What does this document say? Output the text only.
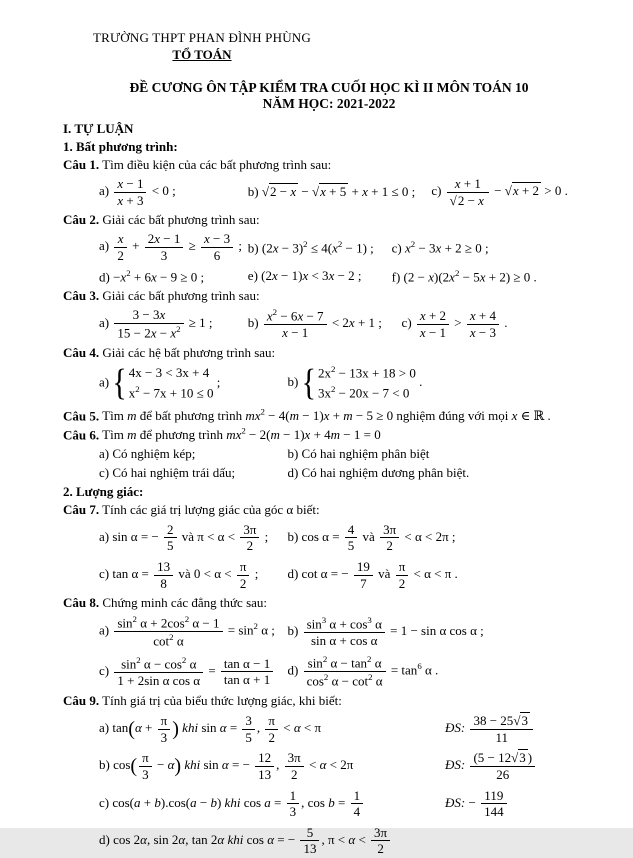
TRƯỜNG THPT PHAN ĐÌNH PHÙNG
TỔ TOÁN
ĐỀ CƯƠNG ÔN TẬP KIỂM TRA CUỐI HỌC KÌ II MÔN TOÁN 10
NĂM HỌC: 2021-2022
I. TỰ LUẬN
1. Bất phương trình:

Câu 1. Tìm điều kiện của các bất phương trình sau:

$a) \frac{x - 1}{x + 3} < 0$ ;	b) √2 − x − √x + 5 + x + 1 ≤ 0 ;	$c) \frac{x + 1}{√2 - x} - √x + 2 > 0$ .

Câu 2. Giải các bất phương trình sau:

$a) \frac{x}{2} + \frac{2x - 1}{3} \ge \frac{x - 3}{6}$ ; b) $(2x - 3)^2 \le 4(x^2 - 1)$ ;	c) $x^2 - 3x + 2 \ge 0$ ;
$d) -x^2 + 6x - 9 \ge 0$ ;	e) (2x − 1)x < 3x − 2 ;	f) $(2 - x)(2x^2 - 5x + 2) \ge 0$ .

Câu 3. Giải các bất phương trình sau:

$a) \frac{3 - 3x}{15 - 2x - x^2} \ge 1$ ;	$b) \frac{x^2 - 6x - 7}{x - 1} < 2x + 1$ ;	$c) \frac{x + 2}{x - 1} > \frac{x + 4}{x - 3}$ .

Câu 4. Giải các hệ bất phương trình sau:

a) { 4x − 3 < 3x + 4
$x^2 - 7x + 10 \le 0$
;	b) { $2x^2 - 13x + 18 > 0$
$3x^2 - 20x - 7 < 0$
.

Câu 5. Tìm m để bất phương trình $mx^2 - 4(m - 1)x + m - 5 \ge 0$ nghiệm đúng với mọi x ∈ ℝ .

Câu 6. Tìm m để phương trình $mx^2 - 2(m - 1)x + 4m - 1 = 0$

a) Có nghiệm kép;	b) Có hai nghiệm phân biệt
c) Có hai nghiệm trái dấu;	d) Có hai nghiệm dương phân biệt.
2. Lượng giác:

Câu 7. Tính các giá trị lượng giác của góc α biết:

a) sin α = − $\frac{2}{5}$ và $\pi < \alpha < \frac{3\pi}{2}$ ;	b) $\cos \alpha = \frac{4}{5}$ và $\frac{3\pi}{2} < \alpha < 2\pi$ ;
c) $\tan \alpha = \frac{13}{8}$ và $0 < \alpha < \frac{\pi}{2}$ ;	d) cot α = − $\frac{19}{7}$ và $\frac{\pi}{2} < \alpha < \pi$ .

Câu 8. Chứng minh các đẳng thức sau:

$a) \frac{\sin^2 \alpha + 2\cos^2 \alpha - 1}{\cot^2 \alpha} = \sin^2 \alpha$ ; $b) \frac{\sin^3 \alpha + \cos^3 \alpha}{\text{sin α + cos α}} = 1 - \sin \alpha$ cos α ;
$c) \frac{\sin^2 \alpha - \cos^2 \alpha}{\text{1 + 2sin α cos α}} = \frac{\text{tan α − 1}}{\text{tan α + 1}} d) \frac{\sin^2 \alpha - \tan^2 \alpha}{\cos^2 \alpha - \cot^2 \alpha} = \tan^6 \alpha$ .

Câu 9. Tính giá trị của biểu thức lượng giác, khi biết:

a) $\tan(\alpha + \frac{\pi}{3}$ ) khi $\sin \alpha = \frac{3}{5}$ , $\frac{\pi}{2} < \alpha < \pi$	ĐS: $\frac{38 - 25√3}{11}$
b) $\cos( \frac{\pi}{3} - \alpha)$ khi sin α = − $\frac{12}{13}$ , $\frac{3\pi}{2} < \alpha < 2\pi$	ĐS: $\frac{(5 - 12√3 )}{26}$
c) cos(a + b).cos(a − b) khi $\cos a = \frac{1}{3}$ , $\cos b = \frac{1}{4}$	ĐS: − $\frac{119}{144}$
d) cos 2α, sin 2α, tan 2α khi cos α = − $\frac{5}{13}$ , $\pi < \alpha < \frac{3\pi}{2}$
